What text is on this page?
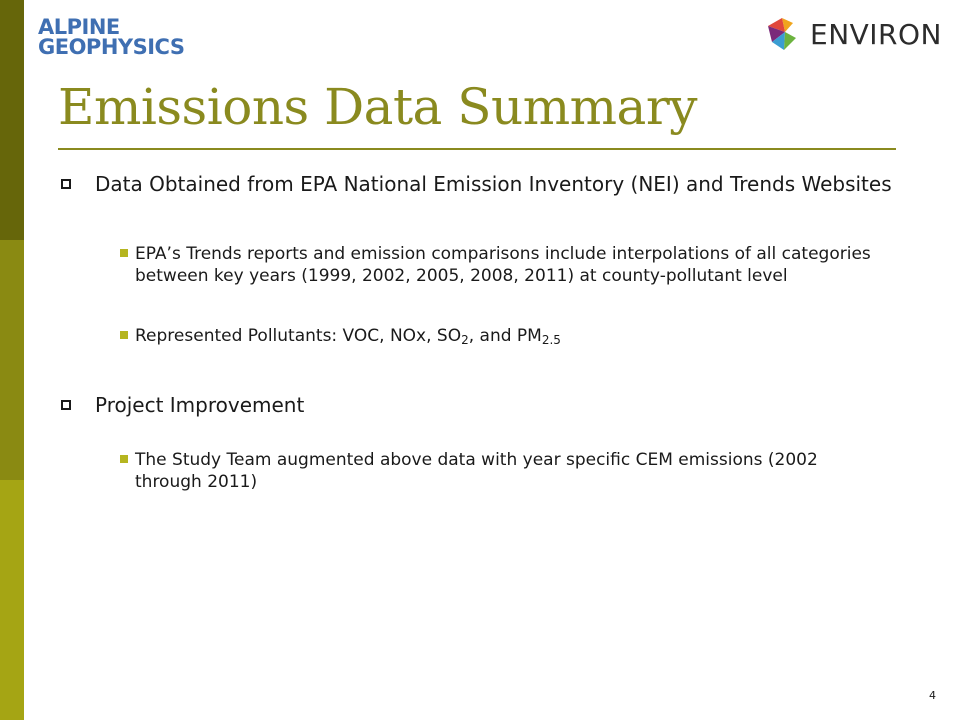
ALPINE
GEOPHYSICS	ENVIRON
Emissions Data Summary
Data Obtained from EPA National Emission Inventory (NEI) and Trends Websites
EPA’s Trends reports and emission comparisons include interpolations of all categories between key years (1999, 2002, 2005, 2008, 2011) at county-pollutant level
Represented Pollutants: VOC, NOx, $SO_2$, and $PM_{2.5}$
Project Improvement
The Study Team augmented above data with year specific CEM emissions (2002 through 2011)
4
